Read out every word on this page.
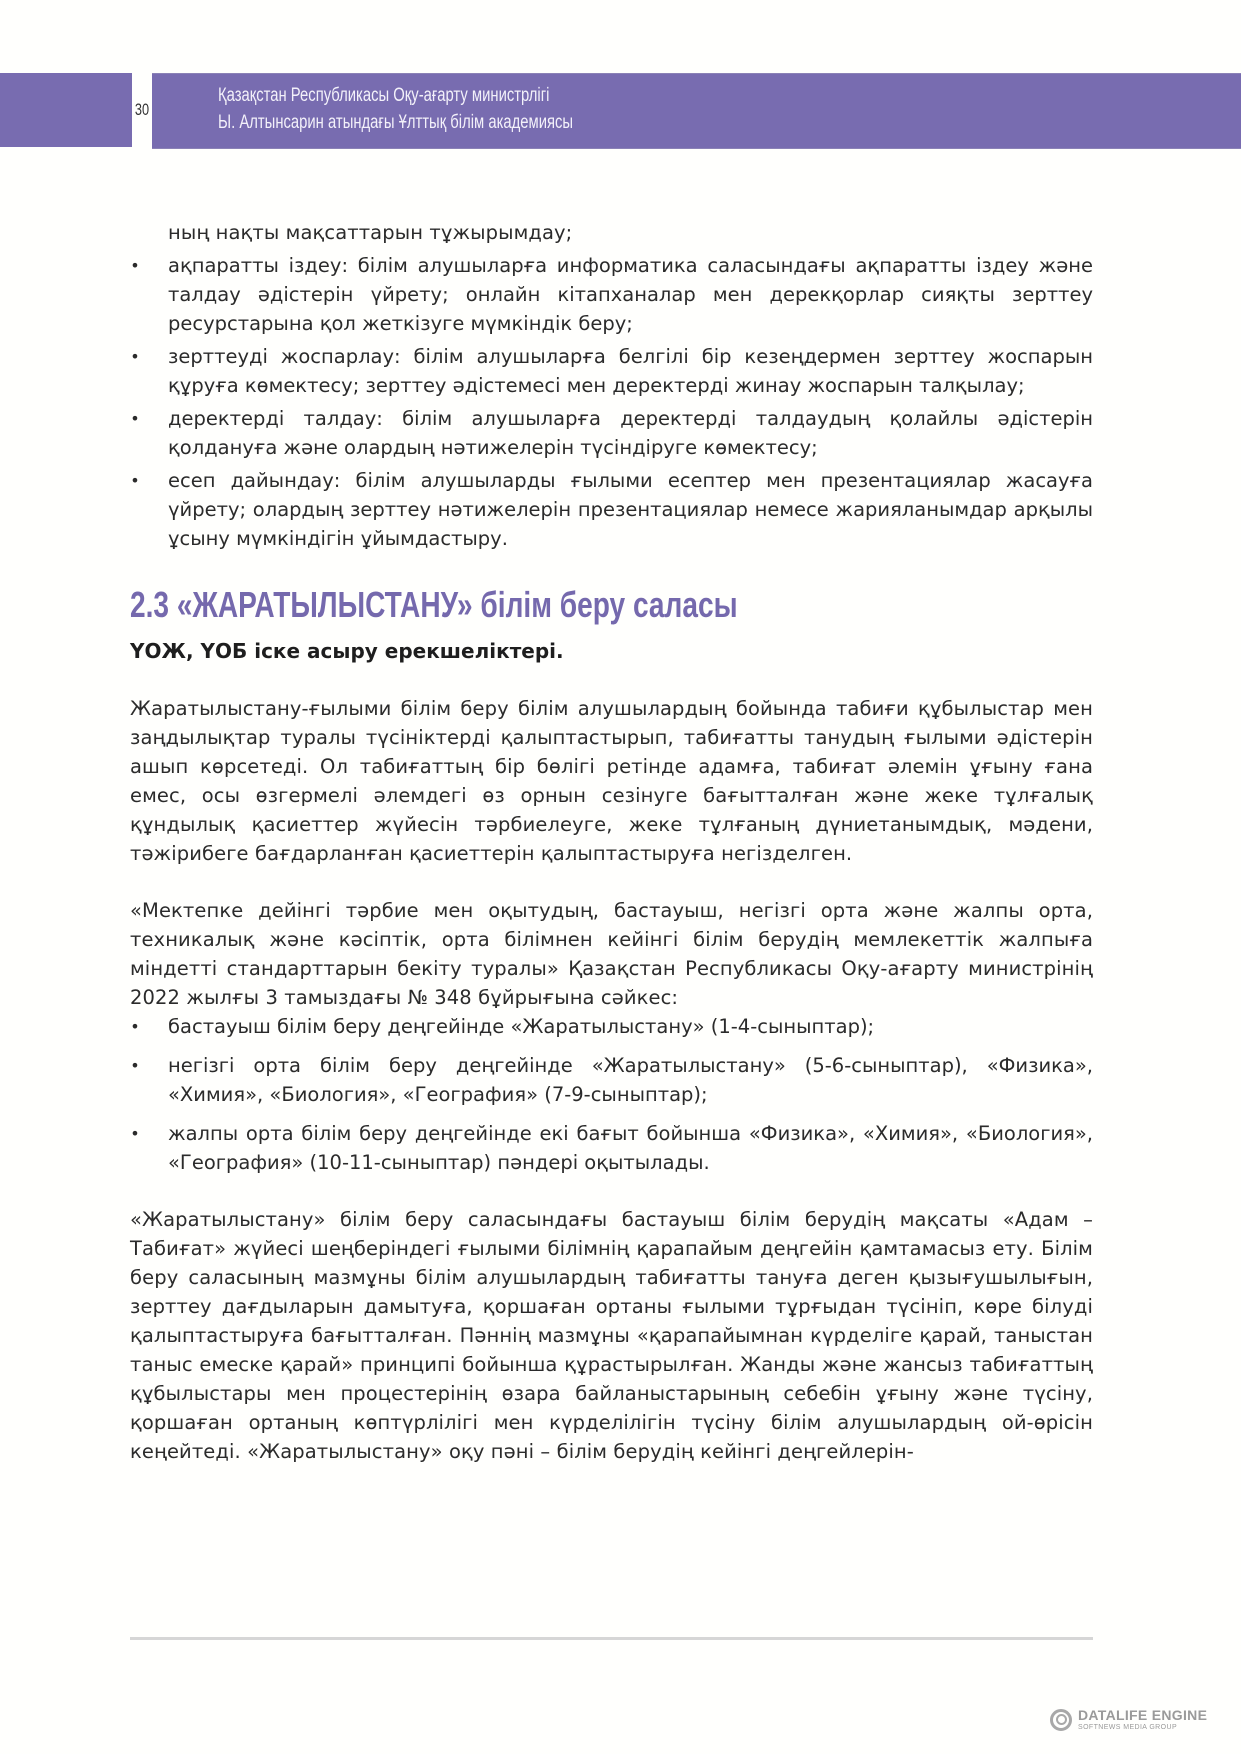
30
Қазақстан Республикасы Оқу-ағарту министрлігі
Ы. Алтынсарин атындағы Ұлттық білім академиясы

ның нақты мақсаттарын тұжырымдау;

• ақпаратты іздеу: білім алушыларға информатика саласындағы ақпаратты іздеу және талдау әдістерін үйрету; онлайн кітапханалар мен дерекқорлар сияқты зерттеу ресурстарына қол жеткізуге мүмкіндік беру;
• зерттеуді жоспарлау: білім алушыларға белгілі бір кезеңдермен зерттеу жоспарын құруға көмектесу; зерттеу әдістемесі мен деректерді жинау жоспарын талқылау;
• деректерді талдау: білім алушыларға деректерді талдаудың қолайлы әдістерін қолдануға және олардың нәтижелерін түсіндіруге көмектесу;
• есеп дайындау: білім алушыларды ғылыми есептер мен презентациялар жасауға үйрету; олардың зерттеу нәтижелерін презентациялар немесе жарияланымдар арқылы ұсыну мүмкіндігін ұйымдастыру.
2.3 «ЖАРАТЫЛЫСТАНУ» білім беру саласы
ҮОЖ, ҮОБ іске асыру ерекшеліктері.

Жаратылыстану-ғылыми білім беру білім алушылардың бойында табиғи құбылыстар мен заңдылықтар туралы түсініктерді қалыптастырып, табиғатты танудың ғылыми әдістерін ашып көрсетеді. Ол табиғаттың бір бөлігі ретінде адамға, табиғат әлемін ұғыну ғана емес, осы өзгермелі әлемдегі өз орнын сезінуге бағытталған және жеке тұлғалық құндылық қасиеттер жүйесін тәрбиелеуге, жеке тұлғаның дүниетанымдық, мәдени, тәжірибеге бағдарланған қасиеттерін қалыптастыруға негізделген.

«Мектепке дейінгі тәрбие мен оқытудың, бастауыш, негізгі орта және жалпы орта, техникалық және кәсіптік, орта білімнен кейінгі білім берудің мемлекеттік жалпыға міндетті стандарттарын бекіту туралы» Қазақстан Республикасы Оқу-ағарту министрінің 2022 жылғы 3 тамыздағы № 348 бұйрығына сәйкес:

• бастауыш білім беру деңгейінде «Жаратылыстану» (1-4-сыныптар);
• негізгі орта білім беру деңгейінде «Жаратылыстану» (5-6-сыныптар), «Физика», «Химия», «Биология», «География» (7-9-сыныптар);
• жалпы орта білім беру деңгейінде екі бағыт бойынша «Физика», «Химия», «Биология», «География» (10-11-сыныптар) пәндері оқытылады.

«Жаратылыстану» білім беру саласындағы бастауыш білім берудің мақсаты «Адам – Табиғат» жүйесі шеңберіндегі ғылыми білімнің қарапайым деңгейін қамтамасыз ету. Білім беру саласының мазмұны білім алушылардың табиғатты тануға деген қызығушылығын, зерттеу дағдыларын дамытуға, қоршаған ортаны ғылыми тұрғыдан түсініп, көре білуді қалыптастыруға бағытталған. Пәннің мазмұны «қарапайымнан күрделіге қарай, таныстан таныс емеске қарай» принципі бойынша құрастырылған. Жанды және жансыз табиғаттың құбылыстары мен процестерінің өзара байланыстарының себебін ұғыну және түсіну, қоршаған ортаның көптүрлілігі мен күрделілігін түсіну білім алушылардың ой-өрісін кеңейтеді. «Жаратылыстану» оқу пәні – білім берудің кейінгі деңгейлерін-

DATALIFE ENGINE
SOFTNEWS MEDIA GROUP
